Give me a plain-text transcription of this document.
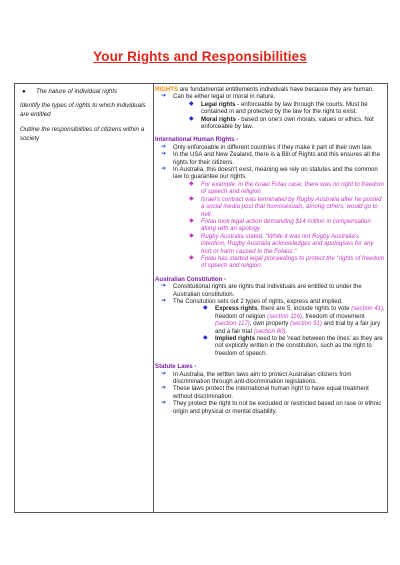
Your Rights and Responsibilities
●	The nature of individual rights

Identify the types of rights to which individuals are entitled

Outline the responsibilities of citizens within a society

RIGHTS are fundamental entitlements individuals have because they are human.
➔	Can be either legal or moral in nature.
◆	Legal rights - enforceable by law through the courts. Must be contained in and protected by the law for the right to exist.
◆	Moral rights - based on one's own morals, values or ethics. Not enforceable by law.
International Human Rights -
➔	Only enforceable in different countries if they make it part of their own law.
➔	In the USA and New Zealand, there is a Bill of Rights and this ensures all the rights for their citizens.
➔	In Australia, this doesn't exist, meaning we rely on statutes and the common law to guarantee our rights.
◆	For example, in the Israel Folau case, there was no right to freedom of speech and religion.
◆	Israel's contract was terminated by Rugby Australia after he posted a social media post that homosexuals, among others, would go to hell.
◆	Folau took legal action demanding $14 million in compensation along with an apology.
◆	Rugby Australia stated, "While it was not Rugby Australia's intention, Rugby Australia acknowledges and apologises for any hurt or harm caused to the Folaus."
◆	Folau has started legal proceedings to protect the "rights of freedom of speech and religion.
Australian Constitution -
➔	Constitutional rights are rights that individuals are entitled to under the Australian constitution.
➔	The Consitution sets out 2 types of rights, express and implied.
◆	Express rights, there are 5, include rights to vote (section 41), freedom of religion (section 116), freedom of movement (section 117), own property (section 51) and trial by a fair jury and a fair trial (section 80).
◆	Implied rights need to be 'read between the lines' as they are not explicitly written in the constitution, such as the right to freedom of speech.
Statute Laws -
➔	In Australia, the written laws aim to protect Australian citizens from discrimination through anti-discrimination legislations.
➔	These laws protect the international human right to have equal treatment without discrimination.
➔	They protect the right to not be excluded or restricted based on rase or ethnic origin and physical or mental disability.
